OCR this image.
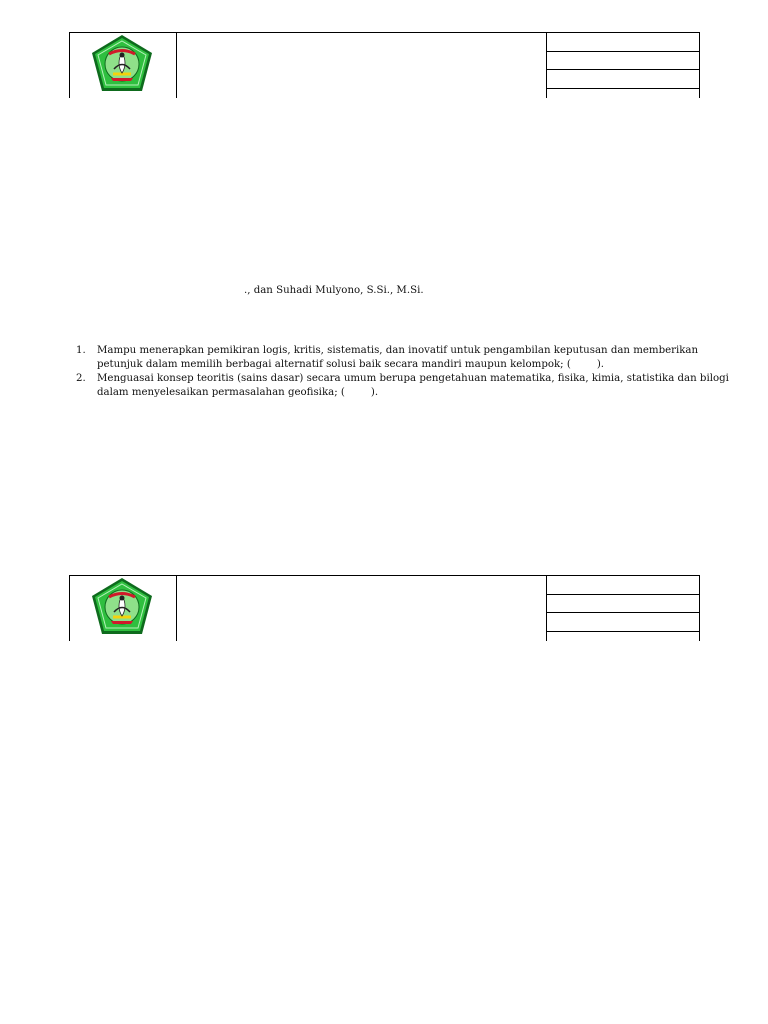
., dan Suhadi Mulyono, S.Si., M.Si.
1. Mampu menerapkan pemikiran logis, kritis, sistematis, dan inovatif untuk pengambilan keputusan dan memberikan petunjuk dalam memilih berbagai alternatif solusi baik secara mandiri maupun kelompok; (	).
2. Menguasai konsep teoritis (sains dasar) secara umum berupa pengetahuan matematika, fisika, kimia, statistika dan bilogi dalam menyelesaikan permasalahan geofisika; (	).
